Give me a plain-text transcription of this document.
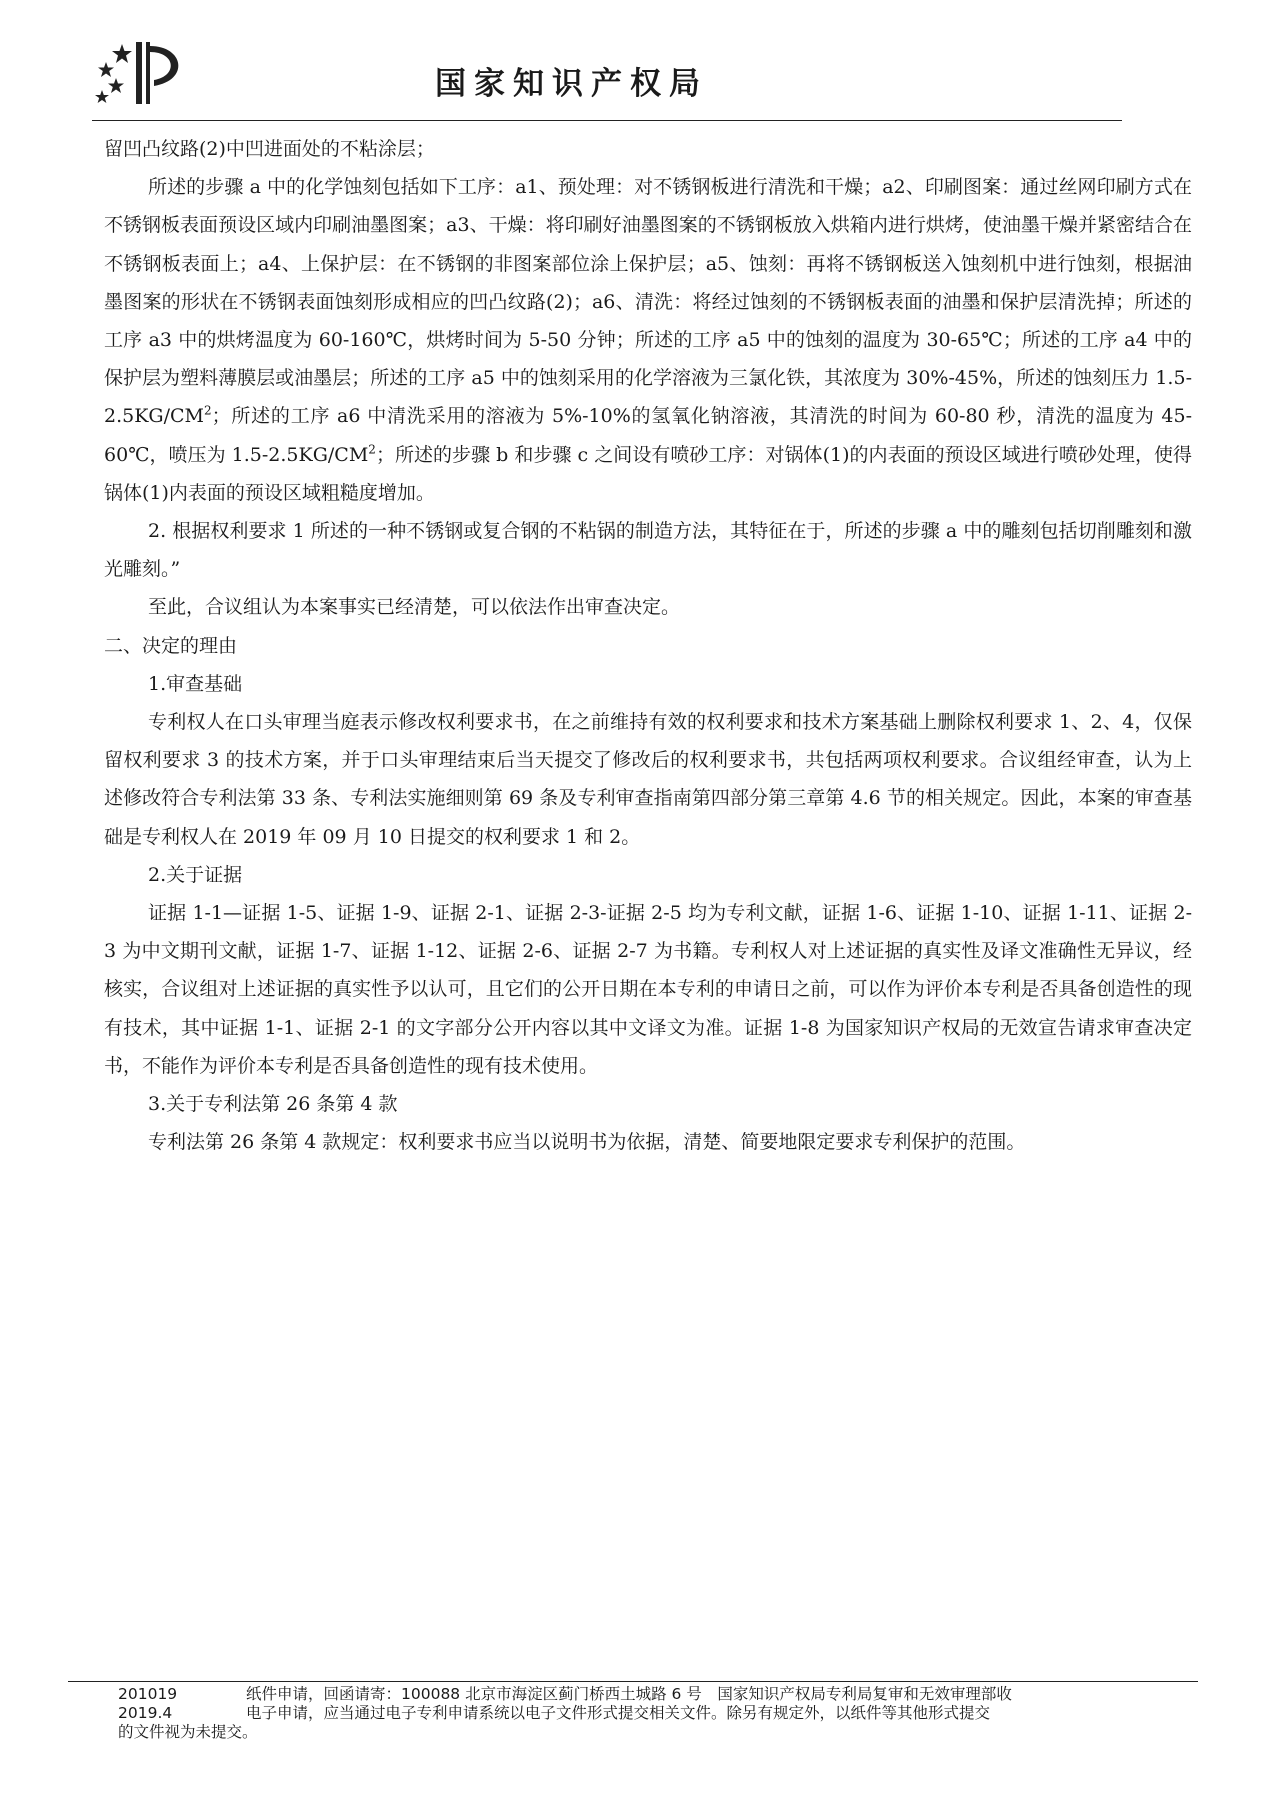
国家知识产权局

留凹凸纹路(2)中凹进面处的不粘涂层；

所述的步骤 a 中的化学蚀刻包括如下工序：a1、预处理：对不锈钢板进行清洗和干燥；a2、印刷图案：通过丝网印刷方式在不锈钢板表面预设区域内印刷油墨图案；a3、干燥：将印刷好油墨图案的不锈钢板放入烘箱内进行烘烤，使油墨干燥并紧密结合在不锈钢板表面上；a4、上保护层：在不锈钢的非图案部位涂上保护层；a5、蚀刻：再将不锈钢板送入蚀刻机中进行蚀刻，根据油墨图案的形状在不锈钢表面蚀刻形成相应的凹凸纹路(2)；a6、清洗：将经过蚀刻的不锈钢板表面的油墨和保护层清洗掉；所述的工序 a3 中的烘烤温度为 60-160℃，烘烤时间为 5-50 分钟；所述的工序 a5 中的蚀刻的温度为 30-65℃；所述的工序 a4 中的保护层为塑料薄膜层或油墨层；所述的工序 a5 中的蚀刻采用的化学溶液为三氯化铁，其浓度为 30%-45%，所述的蚀刻压力 $1.5-2.5KG/CM^2$；所述的工序 a6 中清洗采用的溶液为 5%-10%的氢氧化钠溶液，其清洗的时间为 60-80 秒，清洗的温度为 45-60℃，喷压为 $1.5-2.5KG/CM^2$；所述的步骤 b 和步骤 c 之间设有喷砂工序：对锅体(1)的内表面的预设区域进行喷砂处理，使得锅体(1)内表面的预设区域粗糙度增加。

2. 根据权利要求 1 所述的一种不锈钢或复合钢的不粘锅的制造方法，其特征在于，所述的步骤 a 中的雕刻包括切削雕刻和激光雕刻。”

至此，合议组认为本案事实已经清楚，可以依法作出审查决定。

二、决定的理由

1.审查基础

专利权人在口头审理当庭表示修改权利要求书，在之前维持有效的权利要求和技术方案基础上删除权利要求 1、2、4，仅保留权利要求 3 的技术方案，并于口头审理结束后当天提交了修改后的权利要求书，共包括两项权利要求。合议组经审查，认为上述修改符合专利法第 33 条、专利法实施细则第 69 条及专利审查指南第四部分第三章第 4.6 节的相关规定。因此，本案的审查基础是专利权人在 2019 年 09 月 10 日提交的权利要求 1 和 2。

2.关于证据

证据 1-1—证据 1-5、证据 1-9、证据 2-1、证据 2-3-证据 2-5 均为专利文献，证据 1-6、证据 1-10、证据 1-11、证据 2-3 为中文期刊文献，证据 1-7、证据 1-12、证据 2-6、证据 2-7 为书籍。专利权人对上述证据的真实性及译文准确性无异议，经核实，合议组对上述证据的真实性予以认可，且它们的公开日期在本专利的申请日之前，可以作为评价本专利是否具备创造性的现有技术，其中证据 1-1、证据 2-1 的文字部分公开内容以其中文译文为准。证据 1-8 为国家知识产权局的无效宣告请求审查决定书，不能作为评价本专利是否具备创造性的现有技术使用。

3.关于专利法第 26 条第 4 款

专利法第 26 条第 4 款规定：权利要求书应当以说明书为依据，清楚、简要地限定要求专利保护的范围。

201019	纸件申请，回函请寄：100088 北京市海淀区蓟门桥西土城路 6 号　国家知识产权局专利局复审和无效审理部收
2019.4	电子申请，应当通过电子专利申请系统以电子文件形式提交相关文件。除另有规定外，以纸件等其他形式提交
的文件视为未提交。
